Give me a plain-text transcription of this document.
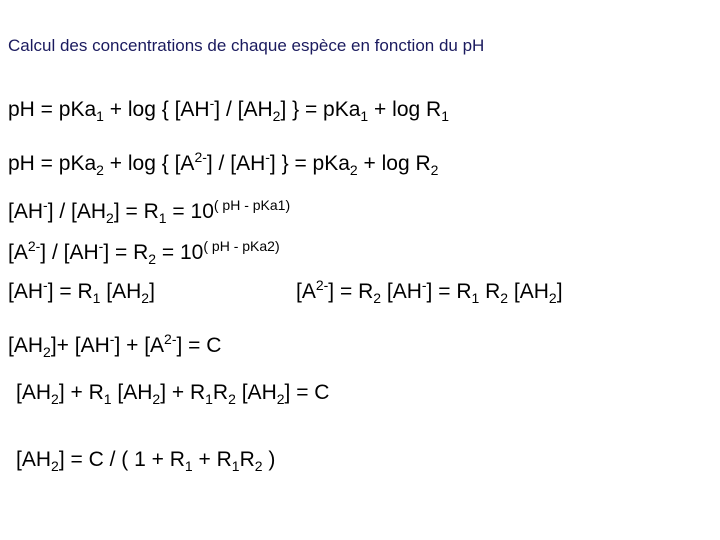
Calcul des concentrations de chaque espèce en fonction du pH
pH = pKa$_1$ + log { $[AH^-] / [AH_2]$ } = $pKa_1 + \log R_1$
pH = pKa$_2$ + log { $[A^{2-}] / [AH^-]$ } = $pKa_2 + \log R_2$
$[AH^-] / [AH_2] = R_1 = 10^{( pH - pKa1)}$
$[A^{2-}] / [AH^-] = R_2 = 10^{( pH - pKa2)}$
$[AH^-] = R_1$ $[AH_2]$	$[A^{2-}] = R_2$ $[AH^-] = R_1$ $R_2$ $[AH_2]$
$[AH_2]+ [AH^-] + [A^{2-}] = C$
$[AH_2] + R_1$ $[AH_2] + R_1R_2$ $[AH_2] = C$
$[AH_2] = C$ / ( $1 + R_1 + R_1R_2$ )
